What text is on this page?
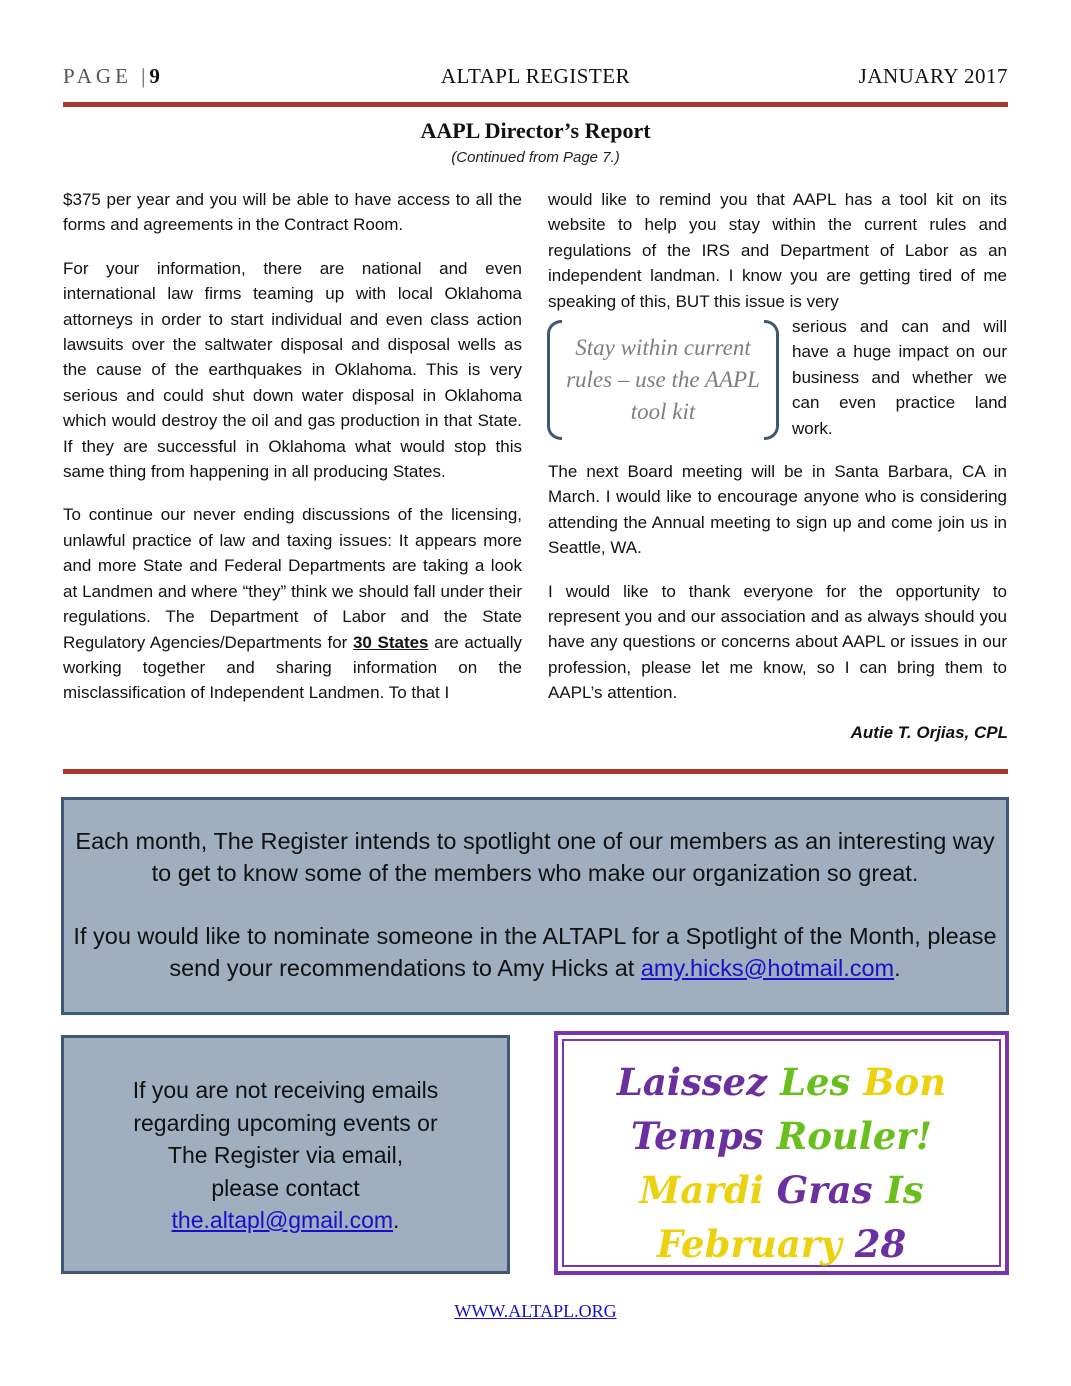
PAGE |9	ALTAPL REGISTER	JANUARY 2017
AAPL Director’s Report
(Continued from Page 7.)

$375 per year and you will be able to have access to all the forms and agreements in the Contract Room.

For your information, there are national and even international law firms teaming up with local Oklahoma attorneys in order to start individual and even class action lawsuits over the saltwater disposal and disposal wells as the cause of the earthquakes in Oklahoma. This is very serious and could shut down water disposal in Oklahoma which would destroy the oil and gas production in that State. If they are successful in Oklahoma what would stop this same thing from happening in all producing States.

To continue our never ending discussions of the licensing, unlawful practice of law and taxing issues: It appears more and more State and Federal Departments are taking a look at Landmen and where “they” think we should fall under their regulations. The Department of Labor and the State Regulatory Agencies/Departments for 30 States are actually working together and sharing information on the misclassification of Independent Landmen. To that I

would like to remind you that AAPL has a tool kit on its website to help you stay within the current rules and regulations of the IRS and Department of Labor as an independent landman. I know you are getting tired of me speaking of this, BUT this issue is very
serious and can and will have a huge impact on our business and whether we can even practice land work.
Stay within current rules – use the AAPL tool kit

The next Board meeting will be in Santa Barbara, CA in March. I would like to encourage anyone who is considering attending the Annual meeting to sign up and come join us in Seattle, WA.

I would like to thank everyone for the opportunity to represent you and our association and as always should you have any questions or concerns about AAPL or issues in our profession, please let me know, so I can bring them to AAPL’s attention.

Autie T. Orjias, CPL

Each month, The Register intends to spotlight one of our members as an interesting way to get to know some of the members who make our organization so great.

If you would like to nominate someone in the ALTAPL for a Spotlight of the Month, please send your recommendations to Amy Hicks at amy.hicks@hotmail.com.

If you are not receiving emails
regarding upcoming events or
The Register via email,
please contact
the.altapl@gmail.com.
Laissez Les Bon
Temps Rouler!
Mardi Gras Is
February 28
WWW.ALTAPL.ORG
